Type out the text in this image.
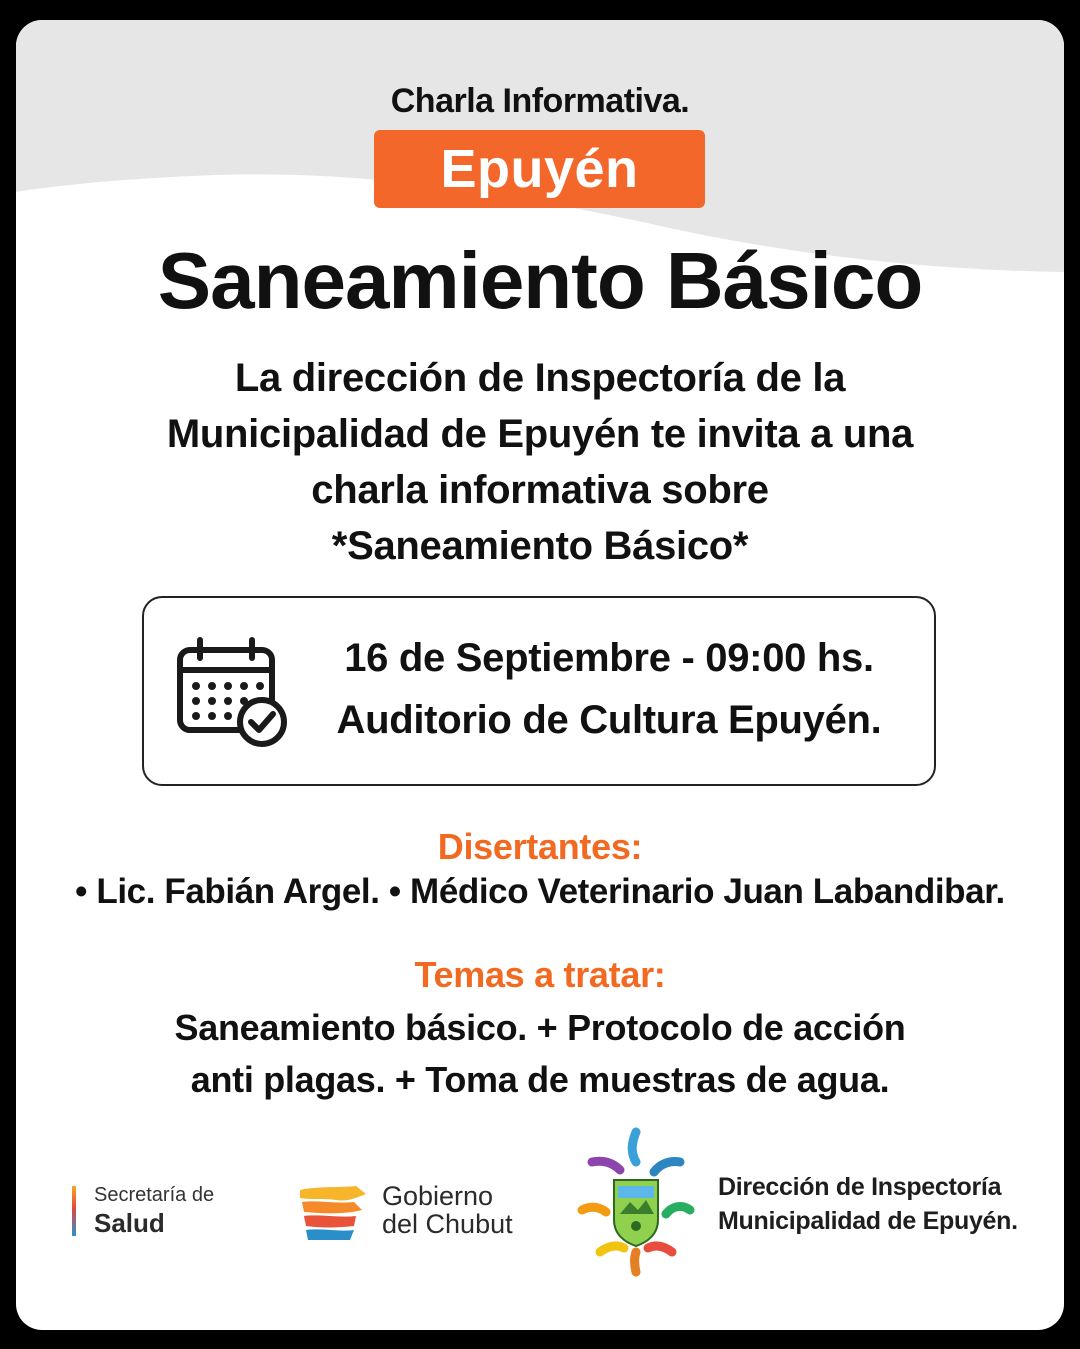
Charla Informativa.
Epuyén
Saneamiento Básico
La dirección de Inspectoría de la
Municipalidad de Epuyén te invita a una
charla informativa sobre
*Saneamiento Básico*
16 de Septiembre - 09:00 hs.
Auditorio de Cultura Epuyén.
Disertantes:
• Lic. Fabián Argel. • Médico Veterinario Juan Labandibar.
Temas a tratar:
Saneamiento básico. + Protocolo de acción
anti plagas. + Toma de muestras de agua.
Secretaría de
Salud
Gobierno
del Chubut
Dirección de Inspectoría
Municipalidad de Epuyén.
